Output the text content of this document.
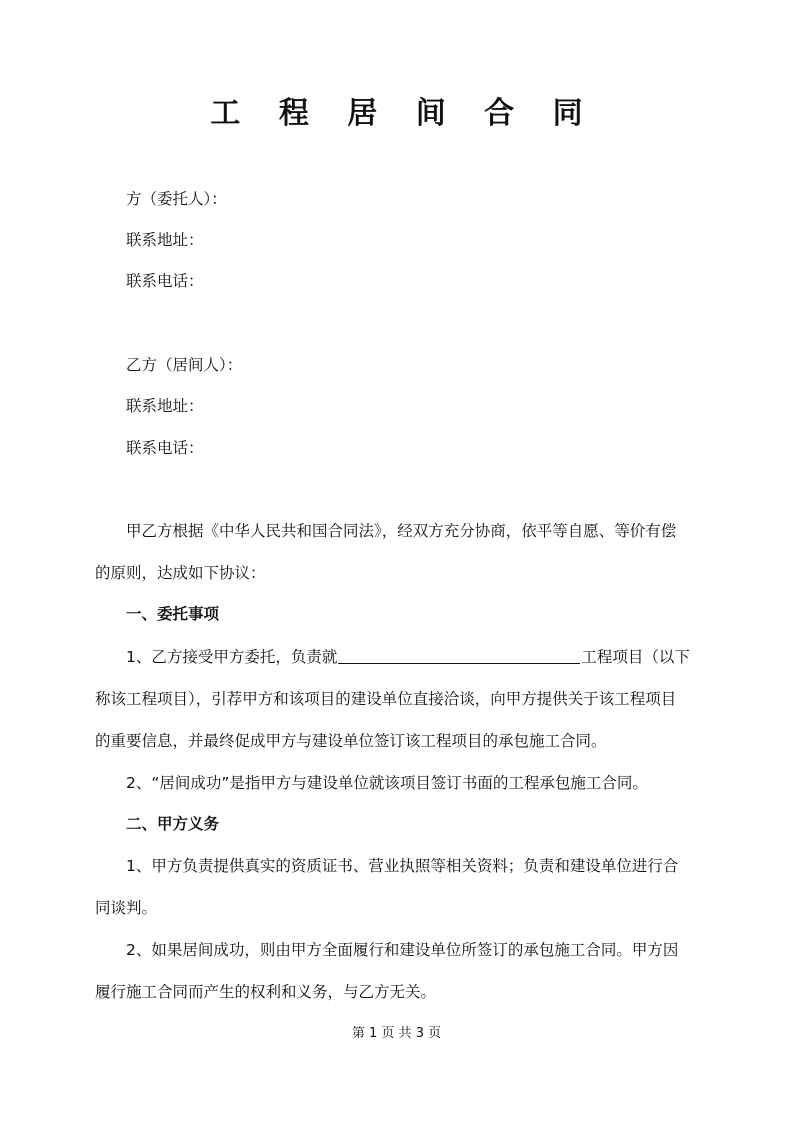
工 程 居 间 合 同
方（委托人）：
联系地址：
联系电话：
乙方（居间人）：
联系地址：
联系电话：
甲乙方根据《中华人民共和国合同法》，经双方充分协商，依平等自愿、等价有偿
的原则，达成如下协议：
一、委托事项
1、乙方接受甲方委托，负责就	工程项目（以下
称该工程项目），引荐甲方和该项目的建设单位直接洽谈，向甲方提供关于该工程项目
的重要信息，并最终促成甲方与建设单位签订该工程项目的承包施工合同。
2、“居间成功”是指甲方与建设单位就该项目签订书面的工程承包施工合同。
二、甲方义务
1、甲方负责提供真实的资质证书、营业执照等相关资料；负责和建设单位进行合
同谈判。
2、如果居间成功，则由甲方全面履行和建设单位所签订的承包施工合同。甲方因
履行施工合同而产生的权利和义务，与乙方无关。
第 1 页 共 3 页
